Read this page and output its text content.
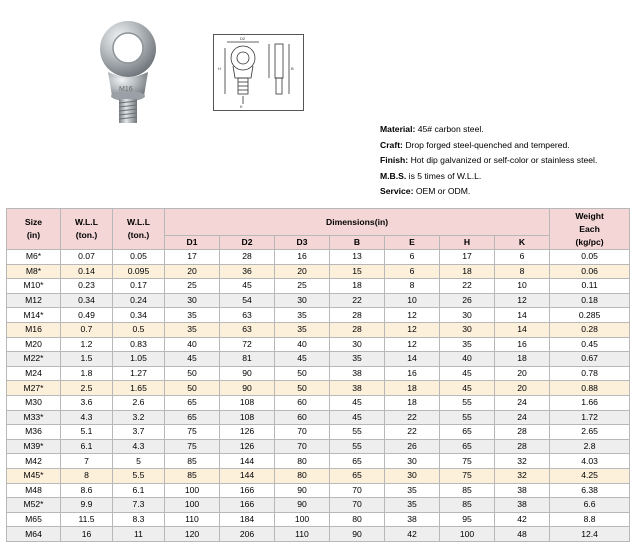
M16
D2
H	B
K
Material: 45# carbon steel.
Craft: Drop forged steel-quenched and tempered.
Finish: Hot dip galvanized or self-color or stainless steel.
M.B.S. is 5 times of W.L.L.
Service: OEM or ODM.
Size
(in)	W.L.L
(ton.)	W.L.L
(ton.)	Dimensions(in)							Weight
Each
(kg/pc)
			D1	D2	D3	B	E	H	K	
M6*	0.07	0.05	17	28	16	13	6	17	6	0.05
M8*	0.14	0.095	20	36	20	15	6	18	8	0.06
M10*	0.23	0.17	25	45	25	18	8	22	10	0.11
M12	0.34	0.24	30	54	30	22	10	26	12	0.18
M14*	0.49	0.34	35	63	35	28	12	30	14	0.285
M16	0.7	0.5	35	63	35	28	12	30	14	0.28
M20	1.2	0.83	40	72	40	30	12	35	16	0.45
M22*	1.5	1.05	45	81	45	35	14	40	18	0.67
M24	1.8	1.27	50	90	50	38	16	45	20	0.78
M27*	2.5	1.65	50	90	50	38	18	45	20	0.88
M30	3.6	2.6	65	108	60	45	18	55	24	1.66
M33*	4.3	3.2	65	108	60	45	22	55	24	1.72
M36	5.1	3.7	75	126	70	55	22	65	28	2.65
M39*	6.1	4.3	75	126	70	55	26	65	28	2.8
M42	7	5	85	144	80	65	30	75	32	4.03
M45*	8	5.5	85	144	80	65	30	75	32	4.25
M48	8.6	6.1	100	166	90	70	35	85	38	6.38
M52*	9.9	7.3	100	166	90	70	35	85	38	6.6
M65	11.5	8.3	110	184	100	80	38	95	42	8.8
M64	16	11	120	206	110	90	42	100	48	12.4
